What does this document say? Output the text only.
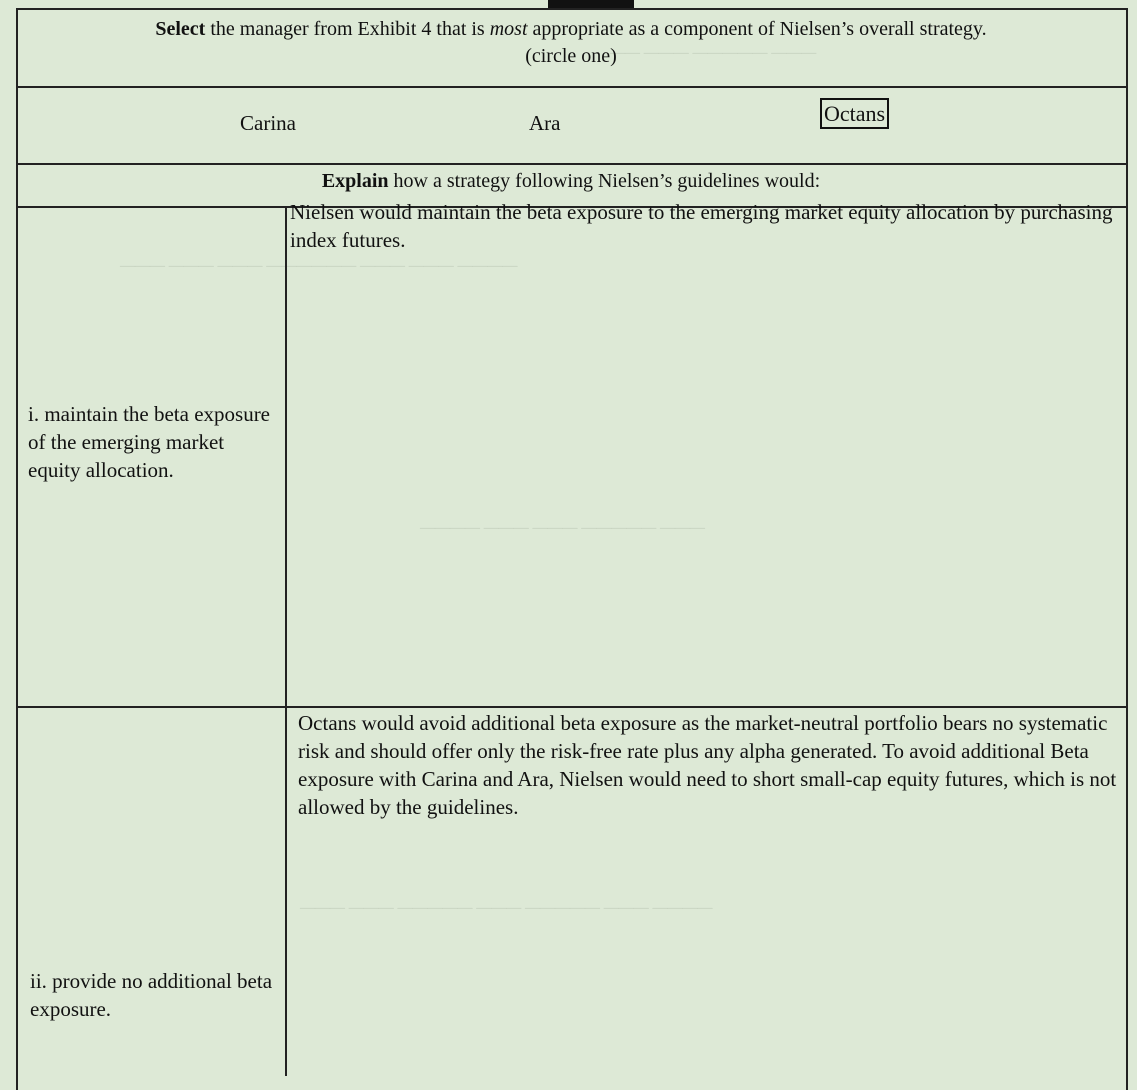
——— ————— ——— ——
———— ——— ——— —————— ——— ——— ———
——— ————— ——— ——— ————
———— ——— ————— ——— ————— ——— ———
Select the manager from Exhibit 4 that is most appropriate as a component of Nielsen’s overall strategy.
(circle one)
Carina	Ara	Octans
Explain how a strategy following Nielsen’s guidelines would:
i. maintain the beta exposure of the emerging market equity allocation.
Nielsen would maintain the beta exposure to the emerging market equity allocation by purchasing index futures.
ii. provide no additional beta exposure.
Octans would avoid additional beta exposure as the market-neutral portfolio bears no systematic risk and should offer only the risk-free rate plus any alpha generated. To avoid additional Beta exposure with Carina and Ara, Nielsen would need to short small-cap equity futures, which is not allowed by the guidelines.
